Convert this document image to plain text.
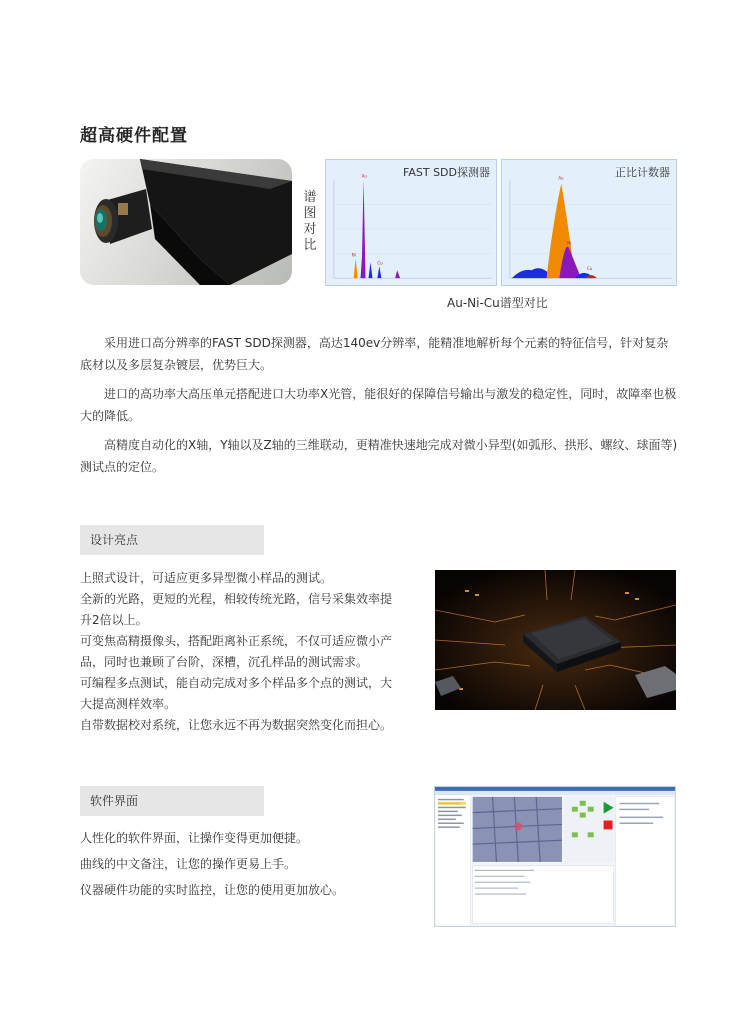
超高硬件配置
谱
图
对
比
Au
Ni
Cu
FAST SDD探测器	Au
Ni
Cu
正比计数器
Au-Ni-Cu谱型对比

采用进口高分辨率的FAST SDD探测器，高达140ev分辨率，能精准地解析每个元素的特征信号，针对复杂底材以及多层复杂镀层，优势巨大。

进口的高功率大高压单元搭配进口大功率X光管，能很好的保障信号输出与激发的稳定性，同时，故障率也极大的降低。

高精度自动化的X轴，Y轴以及Z轴的三维联动，更精准快速地完成对微小异型(如弧形、拱形、螺纹、球面等)测试点的定位。

设计亮点
上照式设计，可适应更多异型微小样品的测试。
全新的光路，更短的光程，相较传统光路，信号采集效率提
升2倍以上。
可变焦高精摄像头，搭配距离补正系统，不仅可适应微小产
品，同时也兼顾了台阶，深槽，沉孔样品的测试需求。
可编程多点测试，能自动完成对多个样品多个点的测试，大
大提高测样效率。
自带数据校对系统，让您永远不再为数据突然变化而担心。
软件界面
人性化的软件界面，让操作变得更加便捷。
曲线的中文备注，让您的操作更易上手。
仪器硬件功能的实时监控，让您的使用更加放心。
